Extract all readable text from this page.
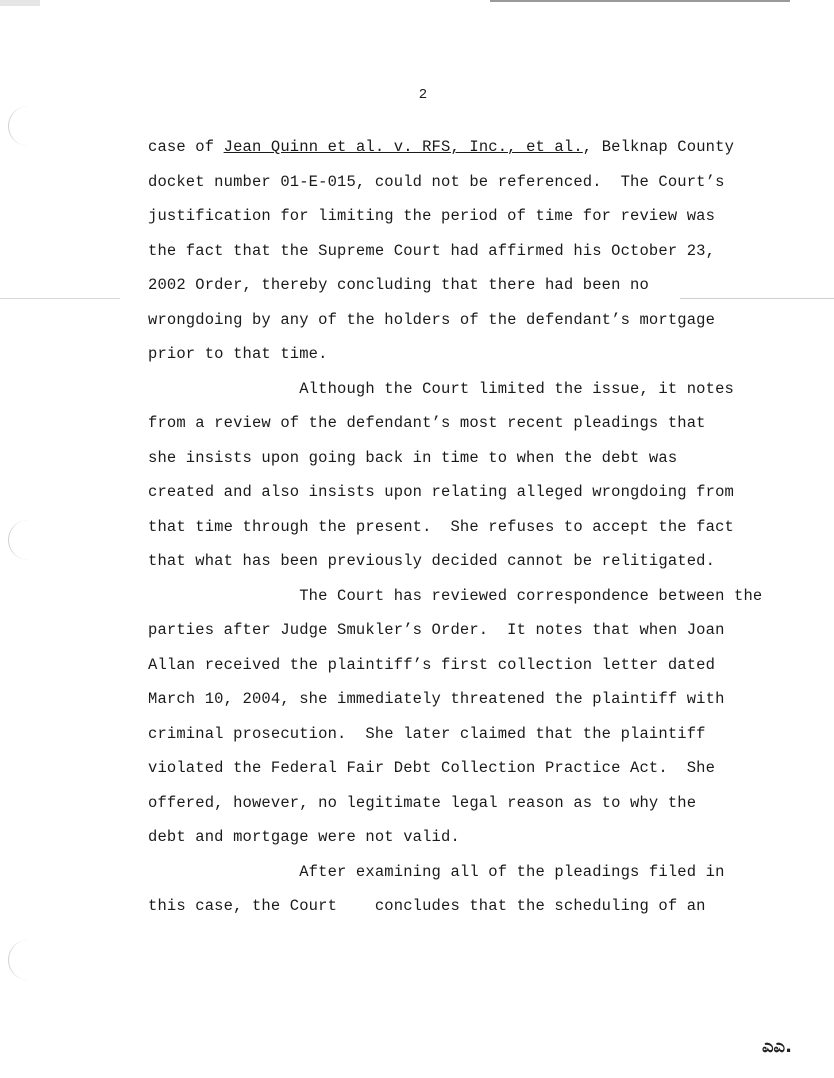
2
case of Jean Quinn et al. v. RFS, Inc., et al., Belknap County
docket number 01-E-015, could not be referenced.  The Court’s
justification for limiting the period of time for review was
the fact that the Supreme Court had affirmed his October 23,
2002 Order, thereby concluding that there had been no
wrongdoing by any of the holders of the defendant’s mortgage
prior to that time.
Although the Court limited the issue, it notes
from a review of the defendant’s most recent pleadings that
she insists upon going back in time to when the debt was
created and also insists upon relating alleged wrongdoing from
that time through the present.  She refuses to accept the fact
that what has been previously decided cannot be relitigated.
The Court has reviewed correspondence between the
parties after Judge Smukler’s Order.  It notes that when Joan
Allan received the plaintiff’s first collection letter dated
March 10, 2004, she immediately threatened the plaintiff with
criminal prosecution.  She later claimed that the plaintiff
violated the Federal Fair Debt Collection Practice Act.  She
offered, however, no legitimate legal reason as to why the
debt and mortgage were not valid.
After examining all of the pleadings filed in
this case, the Court    concludes that the scheduling of an
ಎಎ.
